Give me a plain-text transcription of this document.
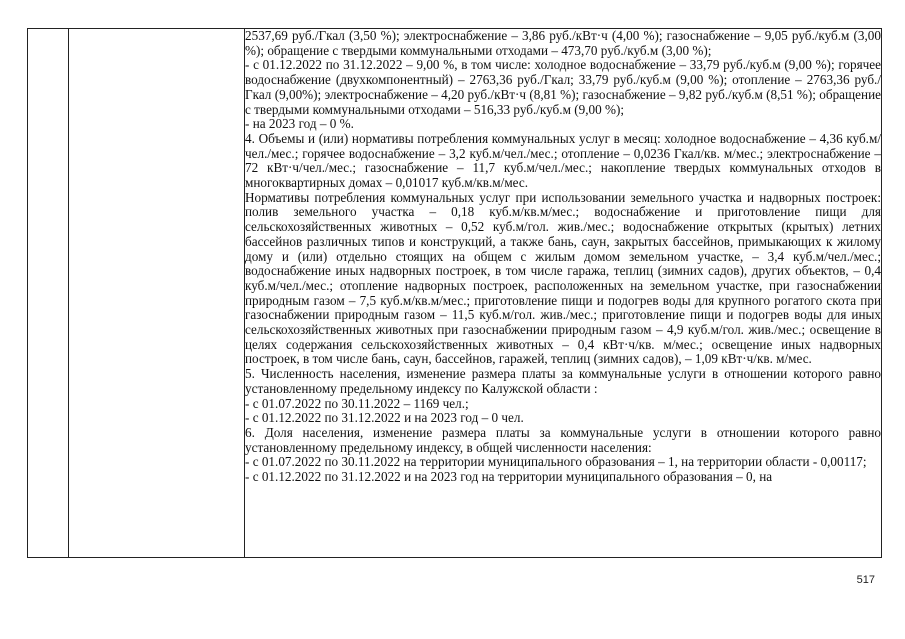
2537,69 руб./Гкал (3,50 %); электроснабжение – 3,86 руб./кВт·ч (4,00 %); газоснабжение – 9,05 руб./куб.м (3,00 %); обращение с твердыми коммунальными отходами – 473,70 руб./куб.м (3,00 %);

- с 01.12.2022 по 31.12.2022 – 9,00 %, в том числе: холодное водоснабжение – 33,79 руб./куб.м (9,00 %); горячее водоснабжение (двухкомпонентный) – 2763,36 руб./Гкал; 33,79 руб./куб.м (9,00 %); отопление – 2763,36 руб./Гкал (9,00%); электроснабжение – 4,20 руб./кВт·ч (8,81 %); газоснабжение – 9,82 руб./куб.м (8,51 %); обращение с твердыми коммунальными отходами – 516,33 руб./куб.м (9,00 %);

- на 2023 год – 0 %.

4. Объемы и (или) нормативы потребления коммунальных услуг в месяц: холодное водоснабжение – 4,36 куб.м/чел./мес.; горячее водоснабжение – 3,2 куб.м/чел./мес.; отопление – 0,0236 Гкал/кв. м/мес.; электроснабжение – 72 кВт·ч/чел./мес.; газоснабжение – 11,7 куб.м/чел./мес.; накопление твердых коммунальных отходов в многоквартирных домах – 0,01017 куб.м/кв.м/мес.

Нормативы потребления коммунальных услуг при использовании земельного участка и надворных построек: полив земельного участка – 0,18 куб.м/кв.м/мес.; водоснабжение и приготовление пищи для сельскохозяйственных животных – 0,52 куб.м/гол. жив./мес.; водоснабжение открытых (крытых) летних бассейнов различных типов и конструкций, а также бань, саун, закрытых бассейнов, примыкающих к жилому дому и (или) отдельно стоящих на общем с жилым домом земельном участке, – 3,4 куб.м/чел./мес.; водоснабжение иных надворных построек, в том числе гаража, теплиц (зимних садов), других объектов, – 0,4 куб.м/чел./мес.; отопление надворных построек, расположенных на земельном участке, при газоснабжении природным газом – 7,5 куб.м/кв.м/мес.; приготовление пищи и подогрев воды для крупного рогатого скота при газоснабжении природным газом – 11,5 куб.м/гол. жив./мес.; приготовление пищи и подогрев воды для иных сельскохозяйственных животных при газоснабжении природным газом – 4,9 куб.м/гол. жив./мес.; освещение в целях содержания сельскохозяйственных животных – 0,4 кВт·ч/кв. м/мес.; освещение иных надворных построек, в том числе бань, саун, бассейнов, гаражей, теплиц (зимних садов), – 1,09 кВт·ч/кв. м/мес.

5. Численность населения, изменение размера платы за коммунальные услуги в отношении которого равно установленному предельному индексу по Калужской области :

- с 01.07.2022 по 30.11.2022 – 1169 чел.;

- с 01.12.2022 по 31.12.2022 и на 2023 год – 0 чел.

6. Доля населения, изменение размера платы за коммунальные услуги в отношении которого равно установленному предельному индексу, в общей численности населения:

- с 01.07.2022 по 30.11.2022 на территории муниципального образования – 1, на территории области - 0,00117;

- с 01.12.2022 по 31.12.2022 и на 2023 год на территории муниципального образования – 0, на

517
